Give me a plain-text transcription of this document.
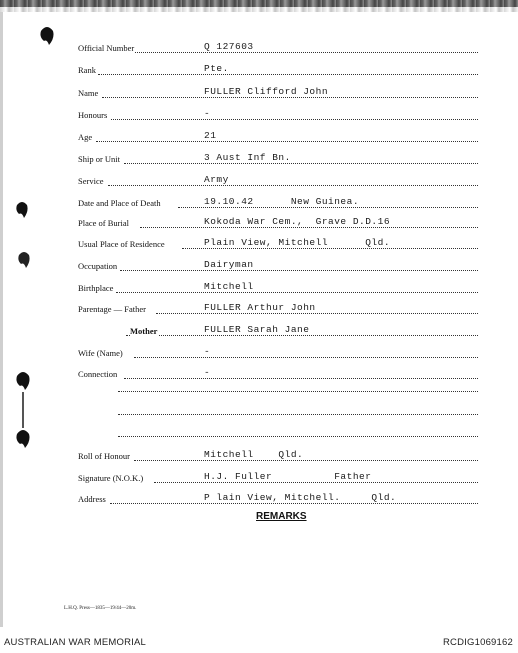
Official Number	Q 127603
Rank	Pte.
Name	FULLER Clifford John
Honours	-
Age	21
Ship or Unit	3 Aust Inf Bn.
Service	Army
Date and Place of Death	19.10.42      New Guinea.
Place of Burial	Kokoda War Cem.,  Grave D.D.16
Usual Place of Residence	Plain View, Mitchell      Qld.
Occupation	Dairyman
Birthplace	Mitchell
Parentage — Father	FULLER Arthur John
Mother	FULLER Sarah Jane
Wife (Name)	-
Connection	-
Roll of Honour	Mitchell    Qld.
Signature (N.O.K.)	H.J. Fuller          Father
Address	P lain View, Mitchell.     Qld.
REMARKS
L.H.Q. Press—1835—19/44—20m.
AUSTRALIAN WAR MEMORIAL	RCDIG1069162
